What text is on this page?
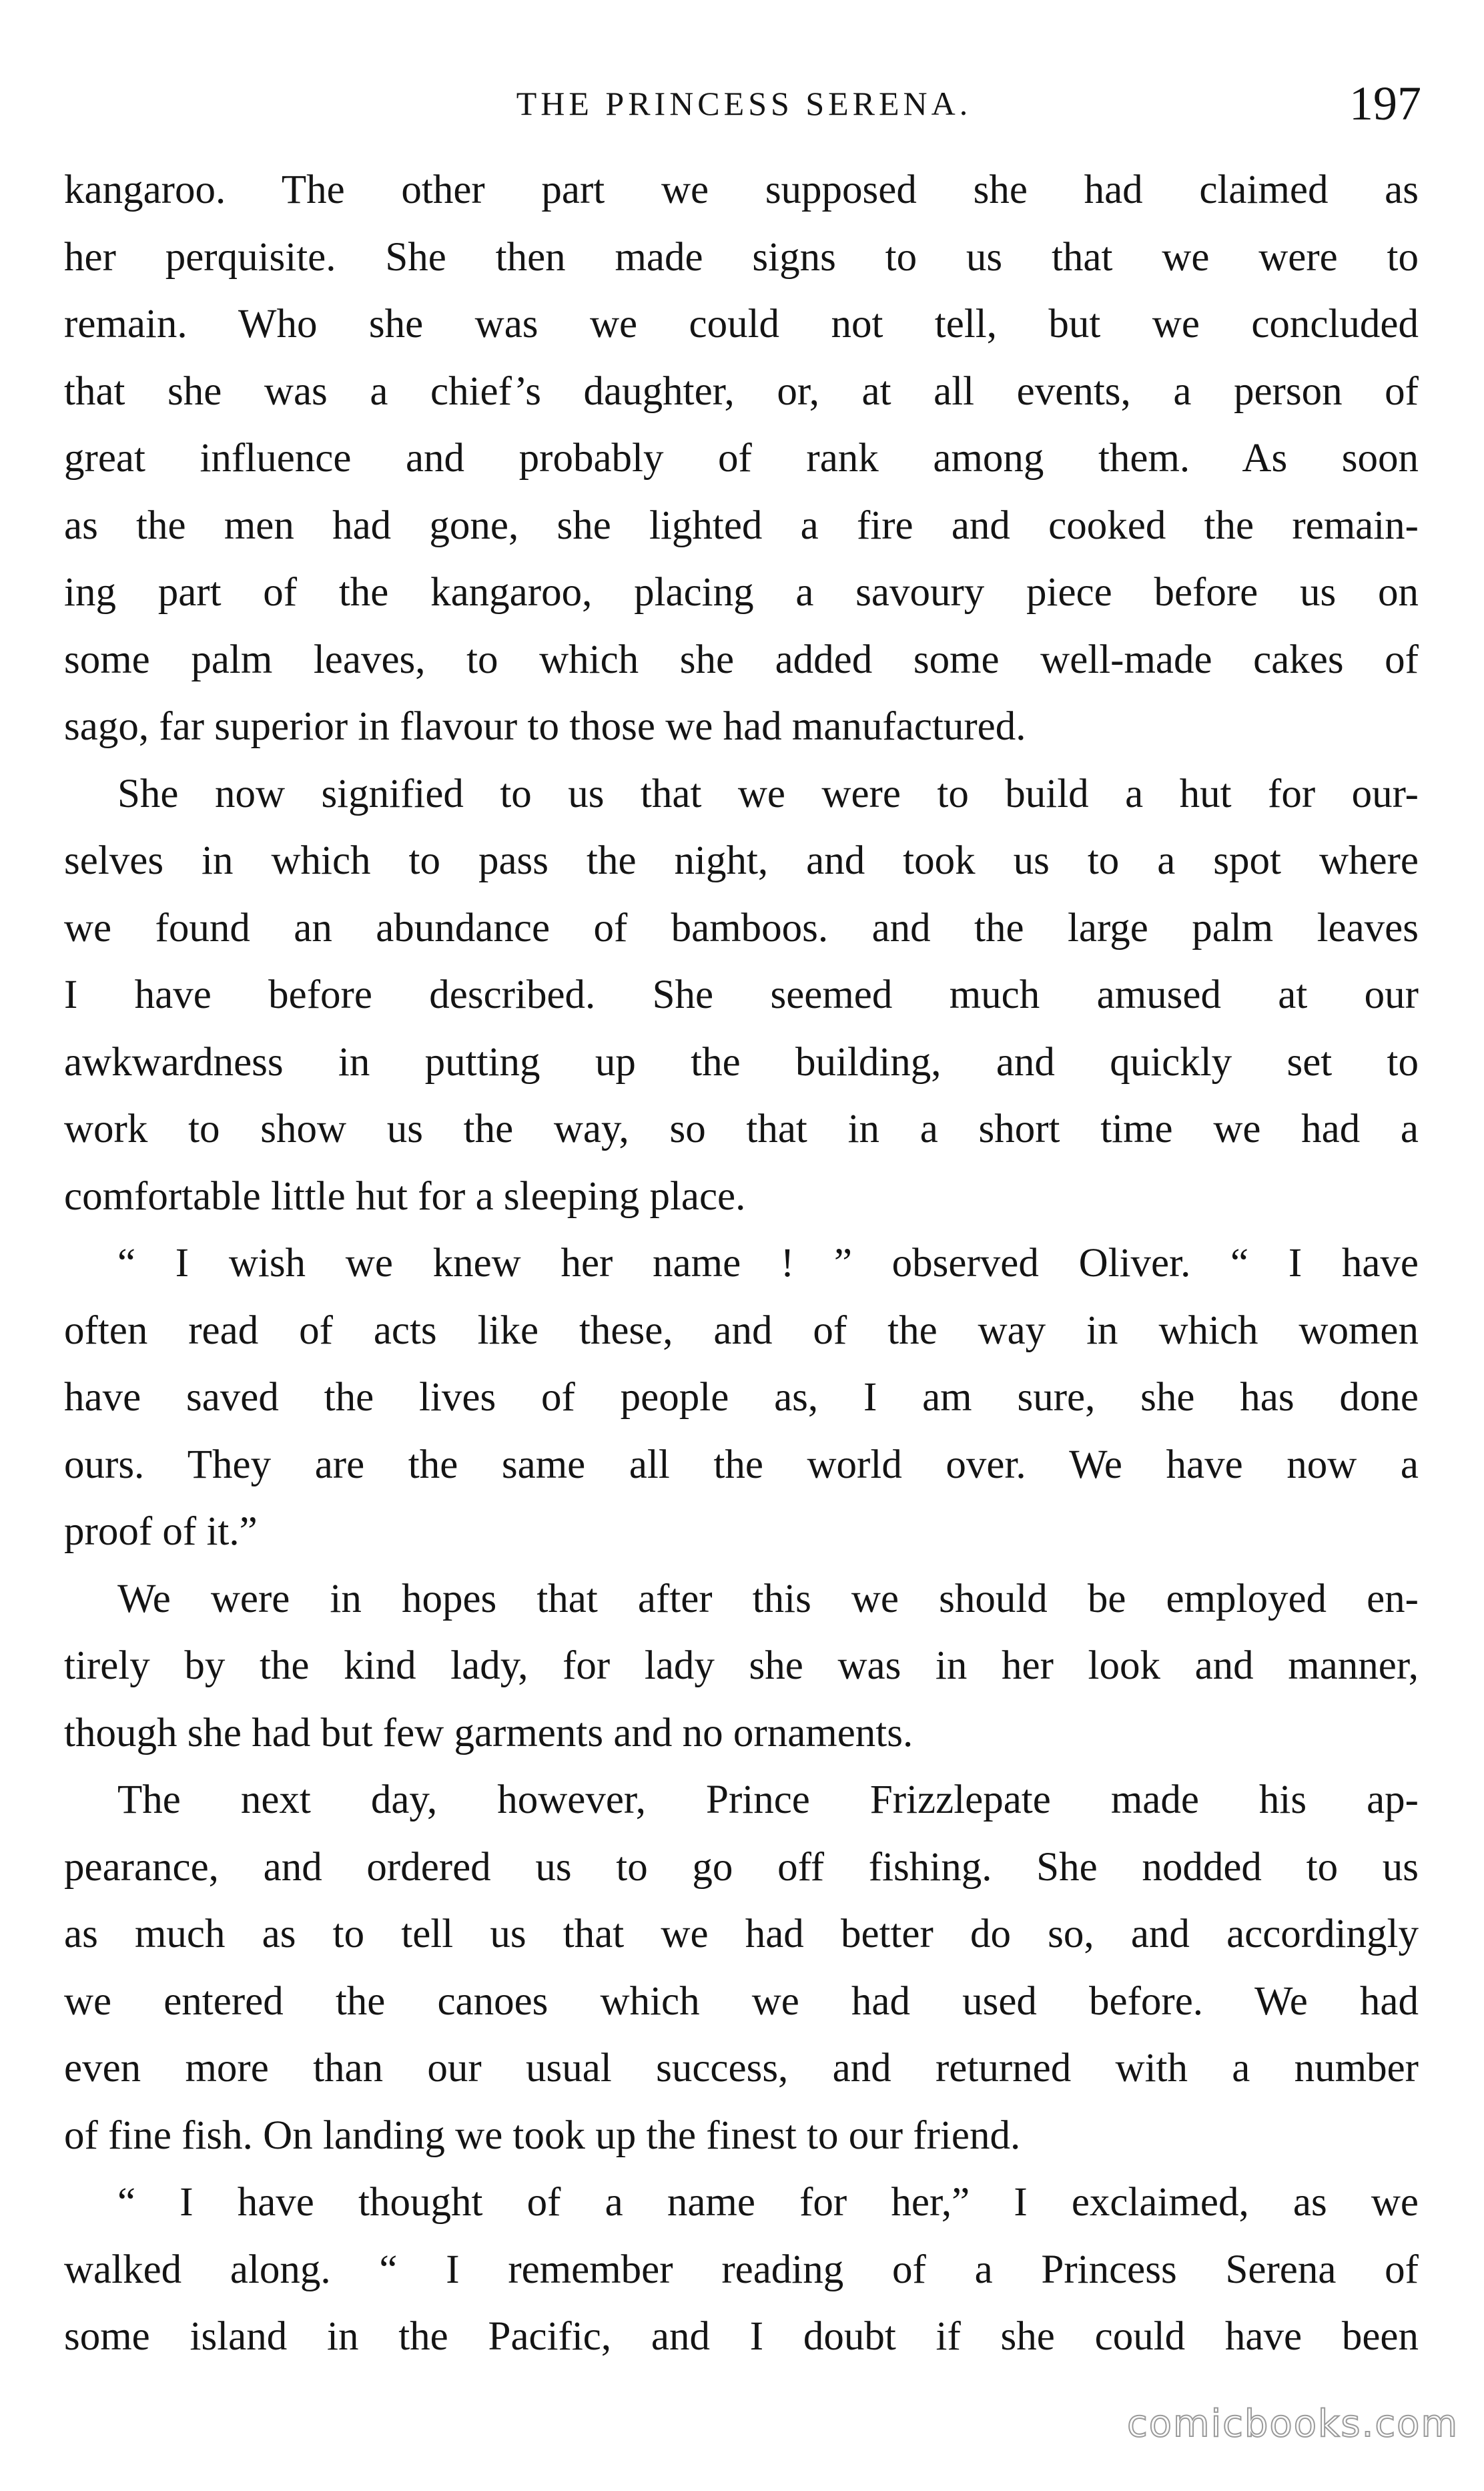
THE PRINCESS SERENA.	197
kangaroo. The other part we supposed she had claimed as
her perquisite. She then made signs to us that we were to
remain. Who she was we could not tell, but we concluded
that she was a chief’s daughter, or, at all events, a person of
great influence and probably of rank among them. As soon
as the men had gone, she lighted a fire and cooked the remain-
ing part of the kangaroo, placing a savoury piece before us on
some palm leaves, to which she added some well-made cakes of
sago, far superior in flavour to those we had manufactured.
She now signified to us that we were to build a hut for our-
selves in which to pass the night, and took us to a spot where
we found an abundance of bamboos. and the large palm leaves
I have before described. She seemed much amused at our
awkwardness in putting up the building, and quickly set to
work to show us the way, so that in a short time we had a
comfortable little hut for a sleeping place.
“ I wish we knew her name ! ” observed Oliver. “ I have
often read of acts like these, and of the way in which women
have saved the lives of people as, I am sure, she has done
ours. They are the same all the world over. We have now a
proof of it.”
We were in hopes that after this we should be employed en-
tirely by the kind lady, for lady she was in her look and manner,
though she had but few garments and no ornaments.
The next day, however, Prince Frizzlepate made his ap-
pearance, and ordered us to go off fishing. She nodded to us
as much as to tell us that we had better do so, and accordingly
we entered the canoes which we had used before. We had
even more than our usual success, and returned with a number
of fine fish. On landing we took up the finest to our friend.
“ I have thought of a name for her,” I exclaimed, as we
walked along. “ I remember reading of a Princess Serena of
some island in the Pacific, and I doubt if she could have been
comicbooks.com
